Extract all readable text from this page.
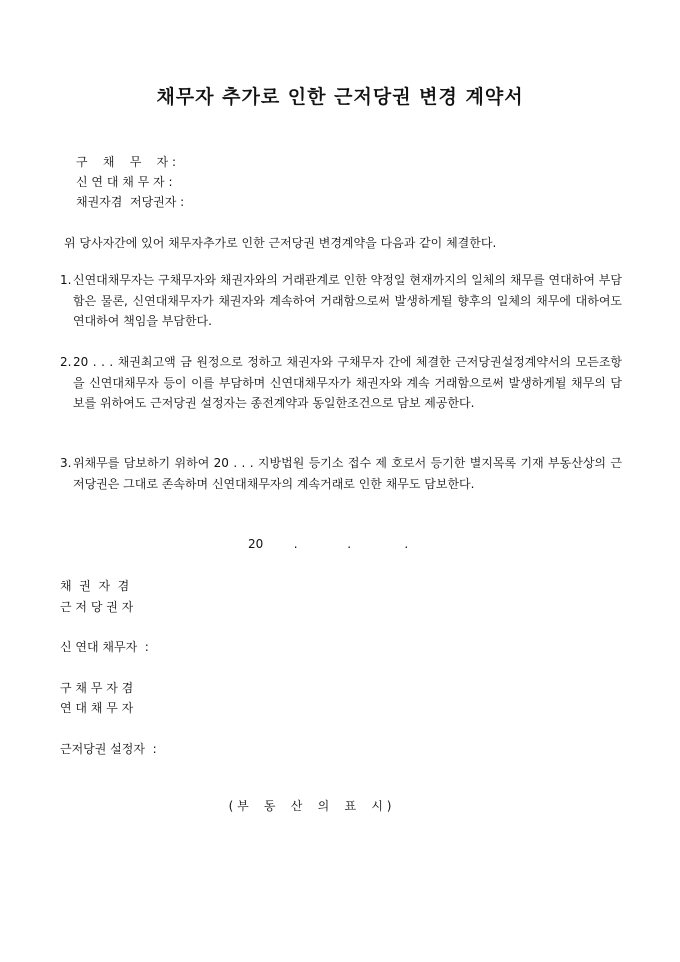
채무자 추가로 인한 근저당권 변경 계약서
구    채    무    자 :
신 연 대 채 무 자 :
채권자겸  저당권자 :
위 당사자간에 있어 채무자추가로 인한 근저당권 변경계약을 다음과 같이 체결한다.
1. 신연대채무자는 구채무자와 채권자와의 거래관계로 인한 약정일 현재까지의 일체의 채무를 연대하여 부담함은 물론, 신연대채무자가 채권자와 계속하여 거래함으로써 발생하게될 향후의 일체의 채무에 대하여도 연대하여 책임을 부담한다.
2. 20 . . . 채권최고액 금 원정으로 정하고 채권자와 구채무자 간에 체결한 근저당권설정계약서의 모든조항을 신연대채무자 등이 이를 부담하며 신연대채무자가 채권자와 계속 거래함으로써 발생하게될 채무의 담보를 위하여도 근저당권 설정자는 종전계약과 동일한조건으로 담보 제공한다.
3. 위채무를 담보하기 위하여 20 . . . 지방법원 등기소 접수 제 호로서 등기한 별지목록 기재 부동산상의 근저당권은 그대로 존속하며 신연대채무자의 계속거래로 인한 채무도 담보한다.
20        .             .              .
채  권  자  겸
근 저 당 권 자
신 연대 채무자  :
구 채 무 자 겸
연 대 채 무 자
근저당권 설정자  :
( 부    동    산    의    표    시 )
